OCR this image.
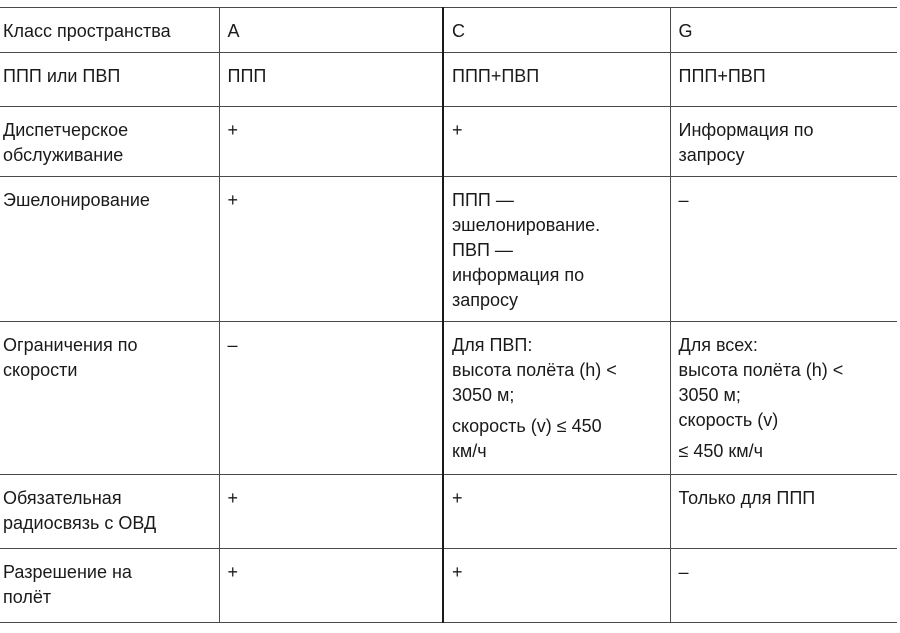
Класс пространства	A	C	G

ППП или ПВП	ППП	ППП+ПВП	ППП+ПВП

Диспетчерское
обслуживание	+	+	Информация по
запросу

Эшелонирование	+	ППП —
эшелонирование.
ПВП —
информация по
запросу	–

Ограничения по
скорости	–	Для ПВП:
высота полёта (h) <
3050 м;
скорость (v) ≤ 450
км/ч	Для всех:
высота полёта (h) <
3050 м;
скорость (v)
≤ 450 км/ч

Обязательная
радиосвязь с ОВД	+	+	Только для ППП

Разрешение на
полёт	+	+	–
